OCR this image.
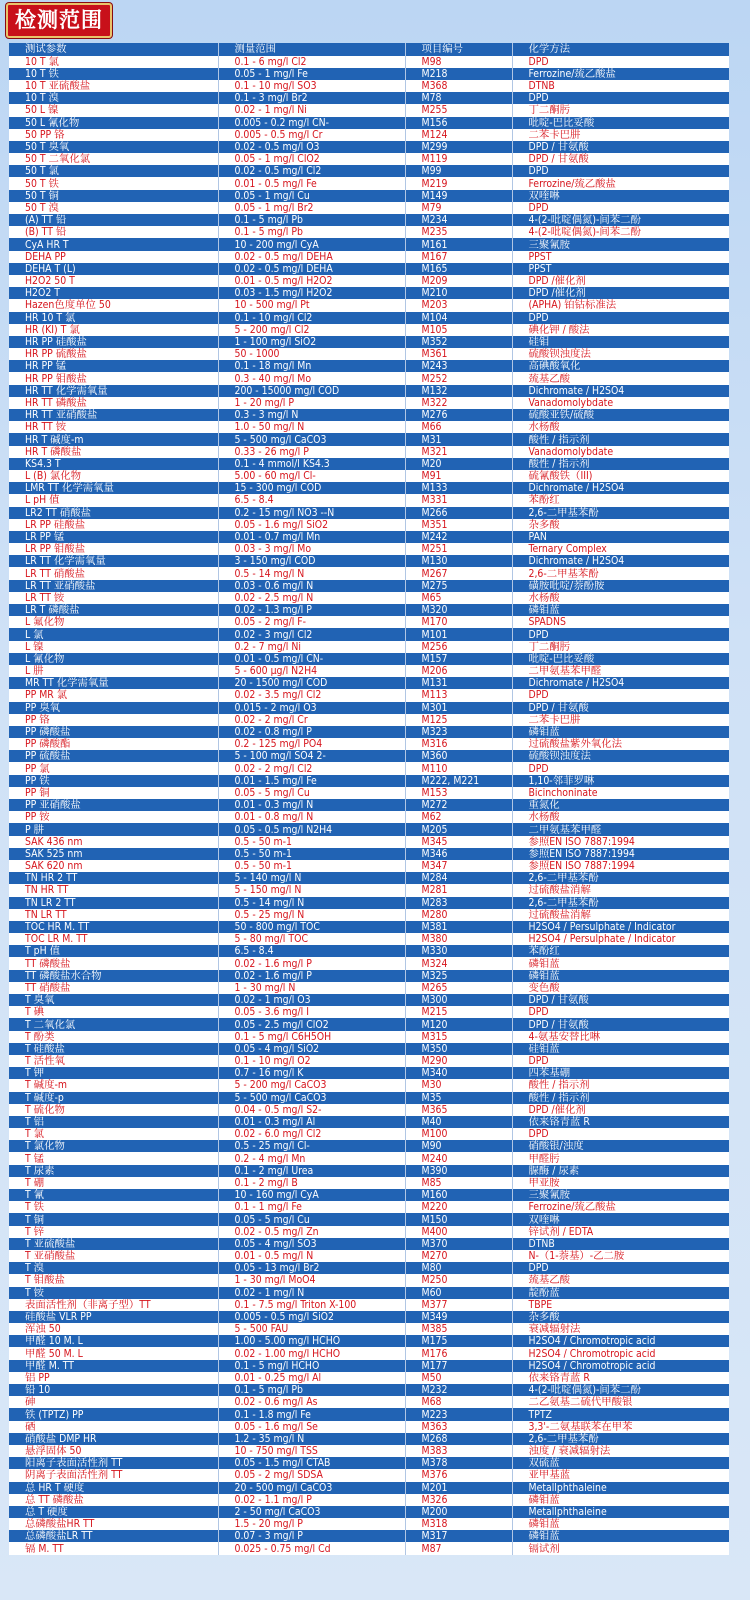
检测范围
测试参数	测量范围	项目编号	化学方法
10 T 氯	0.1 - 6 mg/l Cl2	M98	DPD
10 T 铁	0.05 - 1 mg/l Fe	M218	Ferrozine/巯乙酸盐
10 T 亚硫酸盐	0.1 - 10 mg/l SO3	M368	DTNB
10 T 溴	0.1 - 3 mg/l Br2	M78	DPD
50 L 镍	0.02 - 1 mg/l Ni	M255	丁二酮肟
50 L 氰化物	0.005 - 0.2 mg/l CN-	M156	吡啶-巴比妥酸
50 PP 铬	0.005 - 0.5 mg/l Cr	M124	二苯卡巴肼
50 T 臭氧	0.02 - 0.5 mg/l O3	M299	DPD / 甘氨酸
50 T 二氧化氯	0.05 - 1 mg/l ClO2	M119	DPD / 甘氨酸
50 T 氯	0.02 - 0.5 mg/l Cl2	M99	DPD
50 T 铁	0.01 - 0.5 mg/l Fe	M219	Ferrozine/巯乙酸盐
50 T 铜	0.05 - 1 mg/l Cu	M149	双喹啉
50 T 溴	0.05 - 1 mg/l Br2	M79	DPD
(A) TT 铅	0.1 - 5 mg/l Pb	M234	4-(2-吡啶偶氮)-间苯二酚
(B) TT 铅	0.1 - 5 mg/l Pb	M235	4-(2-吡啶偶氮)-间苯二酚
CyA HR T	10 - 200 mg/l CyA	M161	三聚氰胺
DEHA PP	0.02 - 0.5 mg/l DEHA	M167	PPST
DEHA T (L)	0.02 - 0.5 mg/l DEHA	M165	PPST
H2O2 50 T	0.01 - 0.5 mg/l H2O2	M209	DPD /催化剂
H2O2 T	0.03 - 1.5 mg/l H2O2	M210	DPD /催化剂
Hazen色度单位 50	10 - 500 mg/l Pt	M203	(APHA) 铂钴标准法
HR 10 T 氯	0.1 - 10 mg/l Cl2	M104	DPD
HR (KI) T 氯	5 - 200 mg/l Cl2	M105	碘化钾 / 酸法
HR PP 硅酸盐	1 - 100 mg/l SiO2	M352	硅钼
HR PP 硫酸盐	50 - 1000	M361	硫酸钡浊度法
HR PP 锰	0.1 - 18 mg/l Mn	M243	高碘酸氧化
HR PP 钼酸盐	0.3 - 40 mg/l Mo	M252	巯基乙酸
HR TT 化学需氧量	200 - 15000 mg/l COD	M132	Dichromate / H2SO4
HR TT 磷酸盐	1 - 20 mg/l P	M322	Vanadomolybdate
HR TT 亚硝酸盐	0.3 - 3 mg/l N	M276	硫酸亚铁/硫酸
HR TT 铵	1.0 - 50 mg/l N	M66	水杨酸
HR T 碱度-m	5 - 500 mg/l CaCO3	M31	酸性 / 指示剂
HR T 磷酸盐	0.33 - 26 mg/l P	M321	Vanadomolybdate
KS4.3 T	0.1 - 4 mmol/l KS4.3	M20	酸性 / 指示剂
L (B) 氯化物	5.00 - 60 mg/l Cl-	M91	硫氰酸铁（III)
LMR TT 化学需氧量	15 - 300 mg/l COD	M133	Dichromate / H2SO4
L pH 值	6.5 - 8.4	M331	苯酚红
LR2 TT 硝酸盐	0.2 - 15 mg/l NO3 --N	M266	2,6-二甲基苯酚
LR PP 硅酸盐	0.05 - 1.6 mg/l SiO2	M351	杂多酸
LR PP 锰	0.01 - 0.7 mg/l Mn	M242	PAN
LR PP 钼酸盐	0.03 - 3 mg/l Mo	M251	Ternary Complex
LR TT 化学需氧量	3 - 150 mg/l COD	M130	Dichromate / H2SO4
LR TT 硝酸盐	0.5 - 14 mg/l N	M267	2,6-二甲基苯酚
LR TT 亚硝酸盐	0.03 - 0.6 mg/l N	M275	磺胺吡啶/萘酚胺
LR TT 铵	0.02 - 2.5 mg/l N	M65	水杨酸
LR T 磷酸盐	0.02 - 1.3 mg/l P	M320	磷钼蓝
L 氟化物	0.05 - 2 mg/l F-	M170	SPADNS
L 氯	0.02 - 3 mg/l Cl2	M101	DPD
L 镍	0.2 - 7 mg/l Ni	M256	丁二酮肟
L 氰化物	0.01 - 0.5 mg/l CN-	M157	吡啶-巴比妥酸
L 肼	5 - 600 μg/l N2H4	M206	二甲氨基苯甲醛
MR TT 化学需氧量	20 - 1500 mg/l COD	M131	Dichromate / H2SO4
PP MR 氯	0.02 - 3.5 mg/l Cl2	M113	DPD
PP 臭氧	0.015 - 2 mg/l O3	M301	DPD / 甘氨酸
PP 铬	0.02 - 2 mg/l Cr	M125	二苯卡巴肼
PP 磷酸盐	0.02 - 0.8 mg/l P	M323	磷钼蓝
PP 磷酸酯	0.2 - 125 mg/l PO4	M316	过硫酸盐紫外氧化法
PP 硫酸盐	5 - 100 mg/l SO4 2-	M360	硫酸钡浊度法
PP 氯	0.02 - 2 mg/l Cl2	M110	DPD
PP 铁	0.01 - 1.5 mg/l Fe	M222, M221	1,10-邻菲罗啉
PP 铜	0.05 - 5 mg/l Cu	M153	Bicinchoninate
PP 亚硝酸盐	0.01 - 0.3 mg/l N	M272	重氮化
PP 铵	0.01 - 0.8 mg/l N	M62	水杨酸
P 肼	0.05 - 0.5 mg/l N2H4	M205	二甲氨基苯甲醛
SAK 436 nm	0.5 - 50 m-1	M345	参照EN ISO 7887:1994
SAK 525 nm	0.5 - 50 m-1	M346	参照EN ISO 7887:1994
SAK 620 nm	0.5 - 50 m-1	M347	参照EN ISO 7887:1994
TN HR 2 TT	5 - 140 mg/l N	M284	2,6-二甲基苯酚
TN HR TT	5 - 150 mg/l N	M281	过硫酸盐消解
TN LR 2 TT	0.5 - 14 mg/l N	M283	2,6-二甲基苯酚
TN LR TT	0.5 - 25 mg/l N	M280	过硫酸盐消解
TOC HR M. TT	50 - 800 mg/l TOC	M381	H2SO4 / Persulphate / Indicator
TOC LR M. TT	5 - 80 mg/l TOC	M380	H2SO4 / Persulphate / Indicator
T pH 值	6.5 - 8.4	M330	苯酚红
TT 磷酸盐	0.02 - 1.6 mg/l P	M324	磷钼蓝
TT 磷酸盐水合物	0.02 - 1.6 mg/l P	M325	磷钼蓝
TT 硝酸盐	1 - 30 mg/l N	M265	变色酸
T 臭氧	0.02 - 1 mg/l O3	M300	DPD / 甘氨酸
T 碘	0.05 - 3.6 mg/l I	M215	DPD
T 二氧化氯	0.05 - 2.5 mg/l ClO2	M120	DPD / 甘氨酸
T 酚类	0.1 - 5 mg/l C6H5OH	M315	4-氨基安替比啉
T 硅酸盐	0.05 - 4 mg/l SiO2	M350	硅钼蓝
T 活性氧	0.1 - 10 mg/l O2	M290	DPD
T 钾	0.7 - 16 mg/l K	M340	四苯基硼
T 碱度-m	5 - 200 mg/l CaCO3	M30	酸性 / 指示剂
T 碱度-p	5 - 500 mg/l CaCO3	M35	酸性 / 指示剂
T 硫化物	0.04 - 0.5 mg/l S2-	M365	DPD /催化剂
T 铝	0.01 - 0.3 mg/l Al	M40	依来铬青蓝 R
T 氯	0.02 - 6.0 mg/l Cl2	M100	DPD
T 氯化物	0.5 - 25 mg/l Cl-	M90	硝酸银/浊度
T 锰	0.2 - 4 mg/l Mn	M240	甲醛肟
T 尿素	0.1 - 2 mg/l Urea	M390	脲酶 / 尿素
T 硼	0.1 - 2 mg/l B	M85	甲亚胺
T 氰	10 - 160 mg/l CyA	M160	三聚氰胺
T 铁	0.1 - 1 mg/l Fe	M220	Ferrozine/巯乙酸盐
T 铜	0.05 - 5 mg/l Cu	M150	双喹啉
T 锌	0.02 - 0.5 mg/l Zn	M400	锌试剂 / EDTA
T 亚硫酸盐	0.05 - 4 mg/l SO3	M370	DTNB
T 亚硝酸盐	0.01 - 0.5 mg/l N	M270	N-（1-萘基）-乙二胺
T 溴	0.05 - 13 mg/l Br2	M80	DPD
T 钼酸盐	1 - 30 mg/l MoO4	M250	巯基乙酸
T 铵	0.02 - 1 mg/l N	M60	靛酚蓝
表面活性剂（非离子型）TT	0.1 - 7.5 mg/l Triton X-100	M377	TBPE
硅酸盐 VLR PP	0.005 - 0.5 mg/l SiO2	M349	杂多酸
浑浊 50	5 - 500 FAU	M385	衰减辐射法
甲醛 10 M. L	1.00 - 5.00 mg/l HCHO	M175	H2SO4 / Chromotropic acid
甲醛 50 M. L	0.02 - 1.00 mg/l HCHO	M176	H2SO4 / Chromotropic acid
甲醛 M. TT	0.1 - 5 mg/l HCHO	M177	H2SO4 / Chromotropic acid
铝 PP	0.01 - 0.25 mg/l Al	M50	依来铬青蓝 R
铅 10	0.1 - 5 mg/l Pb	M232	4-(2-吡啶偶氮)-间苯二酚
砷	0.02 - 0.6 mg/l As	M68	二乙氨基二硫代甲酸银
铁 (TPTZ) PP	0.1 - 1.8 mg/l Fe	M223	TPTZ
硒	0.05 - 1.6 mg/l Se	M363	3,3'-二氨基联苯在甲苯
硝酸盐 DMP HR	1.2 - 35 mg/l N	M268	2,6-二甲基苯酚
悬浮固体 50	10 - 750 mg/l TSS	M383	浊度 / 衰减辐射法
阳离子表面活性剂 TT	0.05 - 1.5 mg/l CTAB	M378	双硫蓝
阴离子表面活性剂 TT	0.05 - 2 mg/l SDSA	M376	亚甲基蓝
总 HR T 硬度	20 - 500 mg/l CaCO3	M201	Metallphthaleine
总 TT 磷酸盐	0.02 - 1.1 mg/l P	M326	磷钼蓝
总 T 硬度	2 - 50 mg/l CaCO3	M200	Metallphthaleine
总磷酸盐HR TT	1.5 - 20 mg/l P	M318	磷钼蓝
总磷酸盐LR TT	0.07 - 3 mg/l P	M317	磷钼蓝
镉 M. TT	0.025 - 0.75 mg/l Cd	M87	镉试剂
